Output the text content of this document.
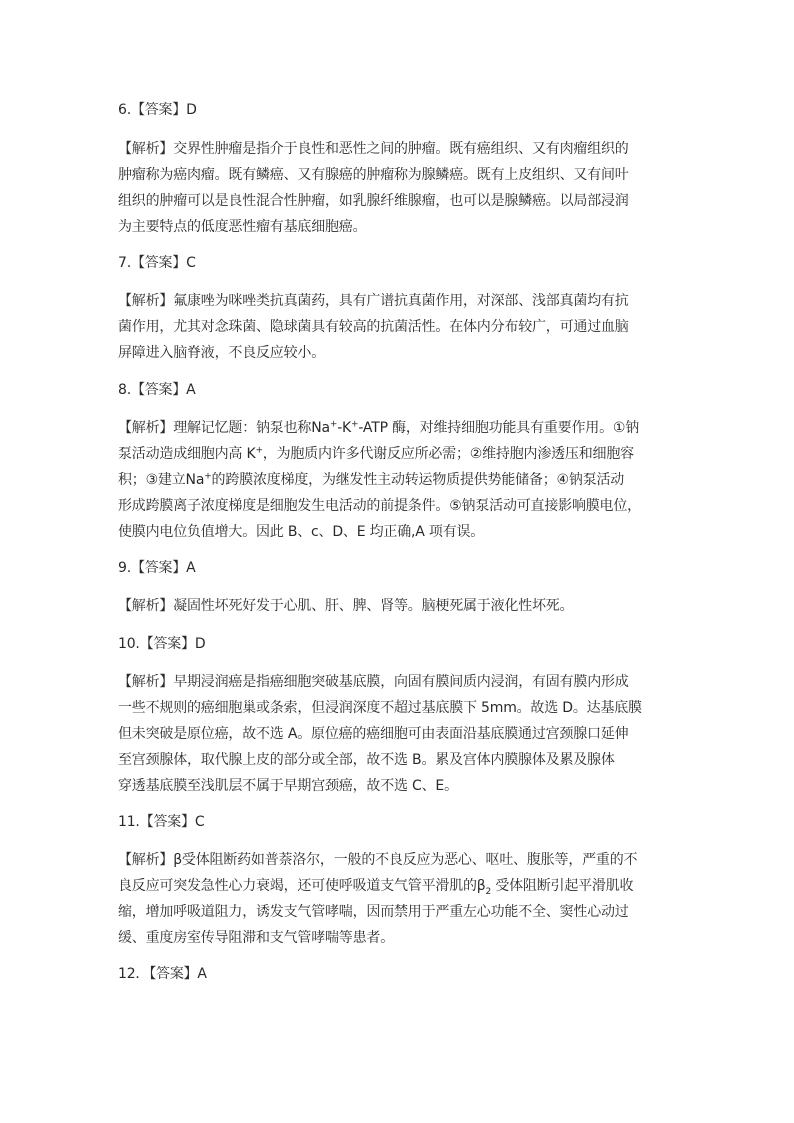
6.【答案】D
【解析】交界性肿瘤是指介于良性和恶性之间的肿瘤。既有癌组织、又有肉瘤组织的
肿瘤称为癌肉瘤。既有鳞癌、又有腺癌的肿瘤称为腺鳞癌。既有上皮组织、又有间叶
组织的肿瘤可以是良性混合性肿瘤，如乳腺纤维腺瘤，也可以是腺鳞癌。以局部浸润
为主要特点的低度恶性瘤有基底细胞癌。
7.【答案】C
【解析】氟康唑为咪唑类抗真菌药，具有广谱抗真菌作用，对深部、浅部真菌均有抗
菌作用，尤其对念珠菌、隐球菌具有较高的抗菌活性。在体内分布较广，可通过血脑
屏障进入脑脊液，不良反应较小。
8.【答案】A
【解析】理解记忆题：钠泵也称Na+-K+-ATP 酶，对维持细胞功能具有重要作用。①钠
泵活动造成细胞内高 K+，为胞质内许多代谢反应所必需；②维持胞内渗透压和细胞容
积；③建立Na+的跨膜浓度梯度，为继发性主动转运物质提供势能储备；④钠泵活动
形成跨膜离子浓度梯度是细胞发生电活动的前提条件。⑤钠泵活动可直接影响膜电位，
使膜内电位负值增大。因此 B、c、D、E 均正确,A 项有误。
9.【答案】A
【解析】凝固性坏死好发于心肌、肝、脾、肾等。脑梗死属于液化性坏死。
10.【答案】D
【解析】早期浸润癌是指癌细胞突破基底膜，向固有膜间质内浸润，有固有膜内形成
一些不规则的癌细胞巢或条索，但浸润深度不超过基底膜下 5mm。故选 D。达基底膜
但未突破是原位癌，故不选 A。原位癌的癌细胞可由表面沿基底膜通过宫颈腺口延伸
至宫颈腺体，取代腺上皮的部分或全部，故不选 B。累及宫体内膜腺体及累及腺体
穿透基底膜至浅肌层不属于早期宫颈癌，故不选 C、E。
11.【答案】C
【解析】β受体阻断药如普萘洛尔，一般的不良反应为恶心、呕吐、腹胀等，严重的不
良反应可突发急性心力衰竭，还可使呼吸道支气管平滑肌的$\beta_2$ 受体阻断引起平滑肌收
缩，增加呼吸道阻力，诱发支气管哮喘，因而禁用于严重左心功能不全、窦性心动过
缓、重度房室传导阻滞和支气管哮喘等患者。
12．【答案】A
